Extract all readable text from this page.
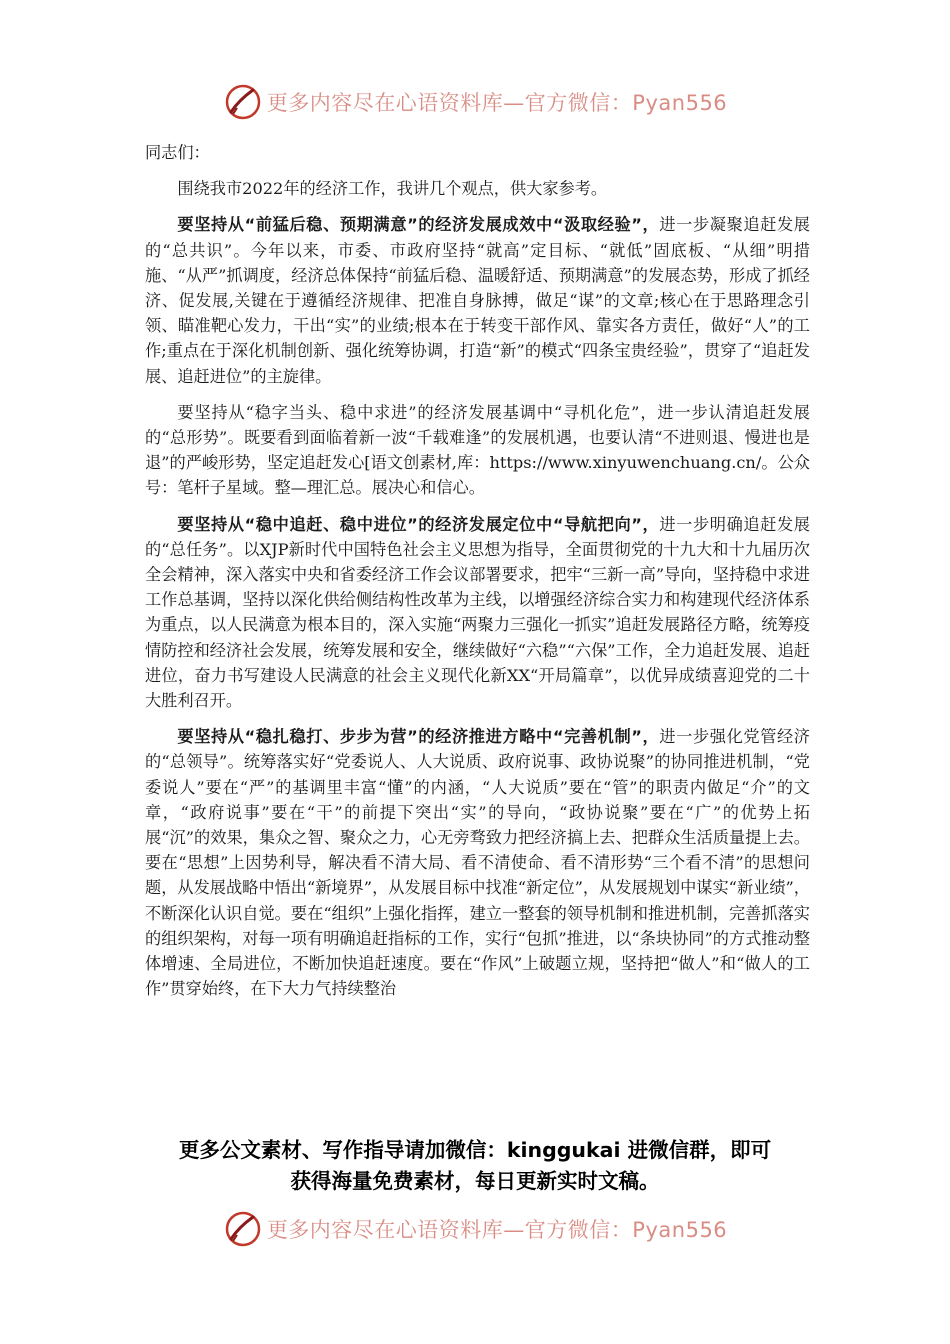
更多内容尽在心语资料库—官方微信：Pyan556

同志们：

围绕我市2022年的经济工作，我讲几个观点，供大家参考。

要坚持从“前猛后稳、预期满意”的经济发展成效中“汲取经验”，进一步凝聚追赶发展的“总共识”。今年以来，市委、市政府坚持“就高”定目标、“就低”固底板、“从细”明措施、“从严”抓调度，经济总体保持“前猛后稳、温暖舒适、预期满意”的发展态势，形成了抓经济、促发展,关键在于遵循经济规律、把准自身脉搏，做足“谋”的文章;核心在于思路理念引领、瞄准靶心发力，干出“实”的业绩;根本在于转变干部作风、靠实各方责任，做好“人”的工作;重点在于深化机制创新、强化统筹协调，打造“新”的模式“四条宝贵经验”，贯穿了“追赶发展、追赶进位”的主旋律。

要坚持从“稳字当头、稳中求进”的经济发展基调中“寻机化危”，进一步认清追赶发展的“总形势”。既要看到面临着新一波“千载难逢”的发展机遇，也要认清“不进则退、慢进也是退”的严峻形势，坚定追赶发心[语文创素材,库：https://www.xinyuwenchuang.cn/。公众号：笔杆子星域。整—理汇总。展决心和信心。

要坚持从“稳中追赶、稳中进位”的经济发展定位中“导航把向”，进一步明确追赶发展的“总任务”。以XJP新时代中国特色社会主义思想为指导，全面贯彻党的十九大和十九届历次全会精神，深入落实中央和省委经济工作会议部署要求，把牢“三新一高”导向，坚持稳中求进工作总基调，坚持以深化供给侧结构性改革为主线，以增强经济综合实力和构建现代经济体系为重点，以人民满意为根本目的，深入实施“两聚力三强化一抓实”追赶发展路径方略，统筹疫情防控和经济社会发展，统筹发展和安全，继续做好“六稳”“六保”工作，全力追赶发展、追赶进位，奋力书写建设人民满意的社会主义现代化新XX“开局篇章”，以优异成绩喜迎党的二十大胜利召开。

要坚持从“稳扎稳打、步步为营”的经济推进方略中“完善机制”，进一步强化党管经济的“总领导”。统筹落实好“党委说人、人大说质、政府说事、政协说聚”的协同推进机制，“党委说人”要在“严”的基调里丰富“懂”的内涵，“人大说质”要在“管”的职责内做足“介”的文章，“政府说事”要在“干”的前提下突出“实”的导向，“政协说聚”要在“广”的优势上拓展“沉”的效果，集众之智、聚众之力，心无旁骛致力把经济搞上去、把群众生活质量提上去。要在“思想”上因势利导，解决看不清大局、看不清使命、看不清形势“三个看不清”的思想问题，从发展战略中悟出“新境界”，从发展目标中找准“新定位”，从发展规划中谋实“新业绩”，不断深化认识自觉。要在“组织”上强化指挥，建立一整套的领导机制和推进机制，完善抓落实的组织架构，对每一项有明确追赶指标的工作，实行“包抓”推进，以“条块协同”的方式推动整体增速、全局进位，不断加快追赶速度。要在“作风”上破题立规，坚持把“做人”和“做人的工作”贯穿始终，在下大力气持续整治

更多公文素材、写作指导请加微信：kinggukai 进微信群，即可
获得海量免费素材，每日更新实时文稿。
更多内容尽在心语资料库—官方微信：Pyan556
